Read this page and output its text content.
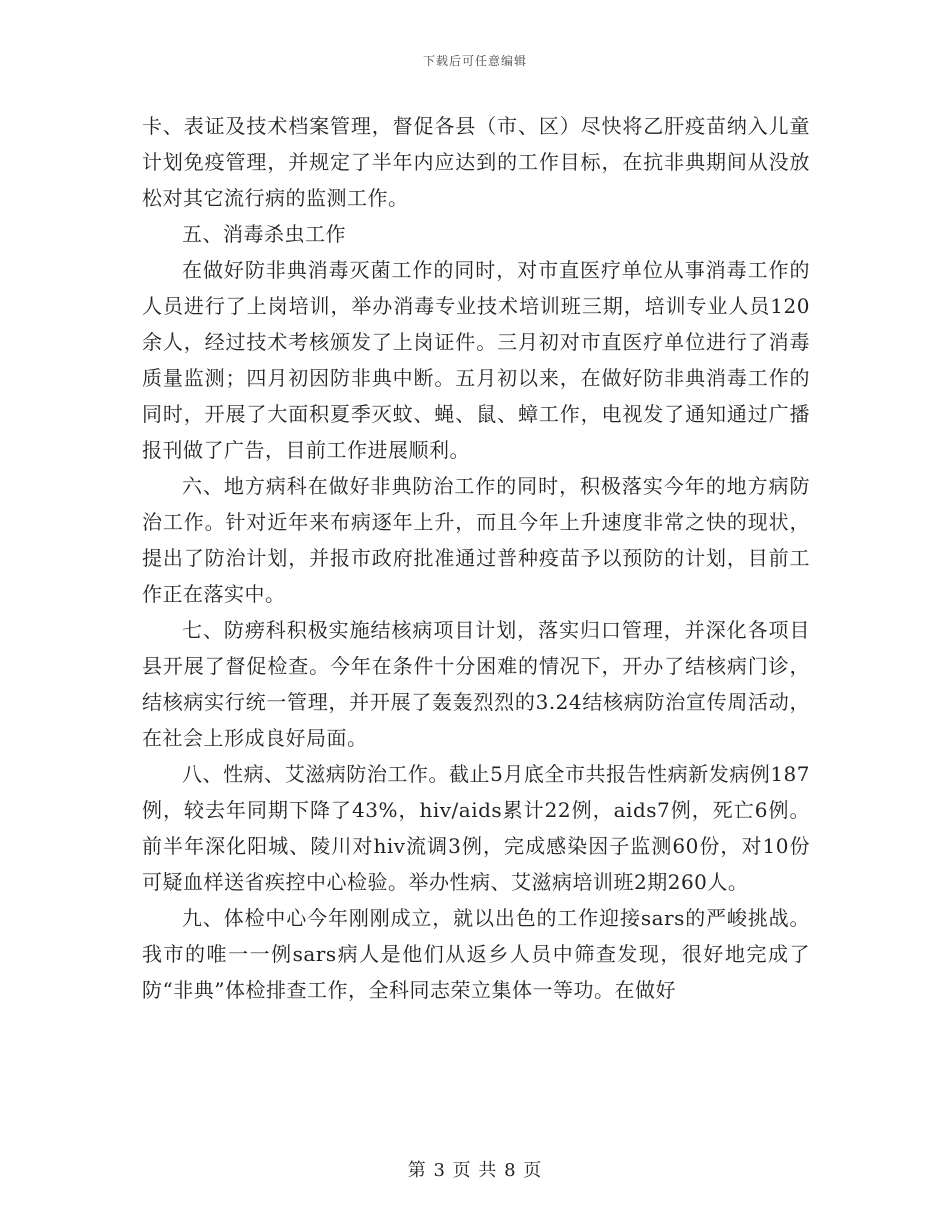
下载后可任意编辑

卡、表证及技术档案管理，督促各县（市、区）尽快将乙肝疫苗纳入儿童计划免疫管理，并规定了半年内应达到的工作目标，在抗非典期间从没放松对其它流行病的监测工作。

五、消毒杀虫工作

在做好防非典消毒灭菌工作的同时，对市直医疗单位从事消毒工作的人员进行了上岗培训，举办消毒专业技术培训班三期，培训专业人员120余人，经过技术考核颁发了上岗证件。三月初对市直医疗单位进行了消毒质量监测；四月初因防非典中断。五月初以来，在做好防非典消毒工作的同时，开展了大面积夏季灭蚊、蝇、鼠、蟑工作，电视发了通知通过广播报刊做了广告，目前工作进展顺利。

六、地方病科在做好非典防治工作的同时，积极落实今年的地方病防治工作。针对近年来布病逐年上升，而且今年上升速度非常之快的现状，提出了防治计划，并报市政府批准通过普种疫苗予以预防的计划，目前工作正在落实中。

七、防痨科积极实施结核病项目计划，落实归口管理，并深化各项目县开展了督促检查。今年在条件十分困难的情况下，开办了结核病门诊，结核病实行统一管理，并开展了轰轰烈烈的3.24结核病防治宣传周活动，在社会上形成良好局面。

八、性病、艾滋病防治工作。截止5月底全市共报告性病新发病例187例，较去年同期下降了43%，hiv/aids累计22例，aids7例，死亡6例。前半年深化阳城、陵川对hiv流调3例，完成感染因子监测60份，对10份可疑血样送省疾控中心检验。举办性病、艾滋病培训班2期260人。

九、体检中心今年刚刚成立，就以出色的工作迎接sars的严峻挑战。我市的唯一一例sars病人是他们从返乡人员中筛查发现，很好地完成了防“非典”体检排查工作，全科同志荣立集体一等功。在做好

第 3 页 共 8 页
